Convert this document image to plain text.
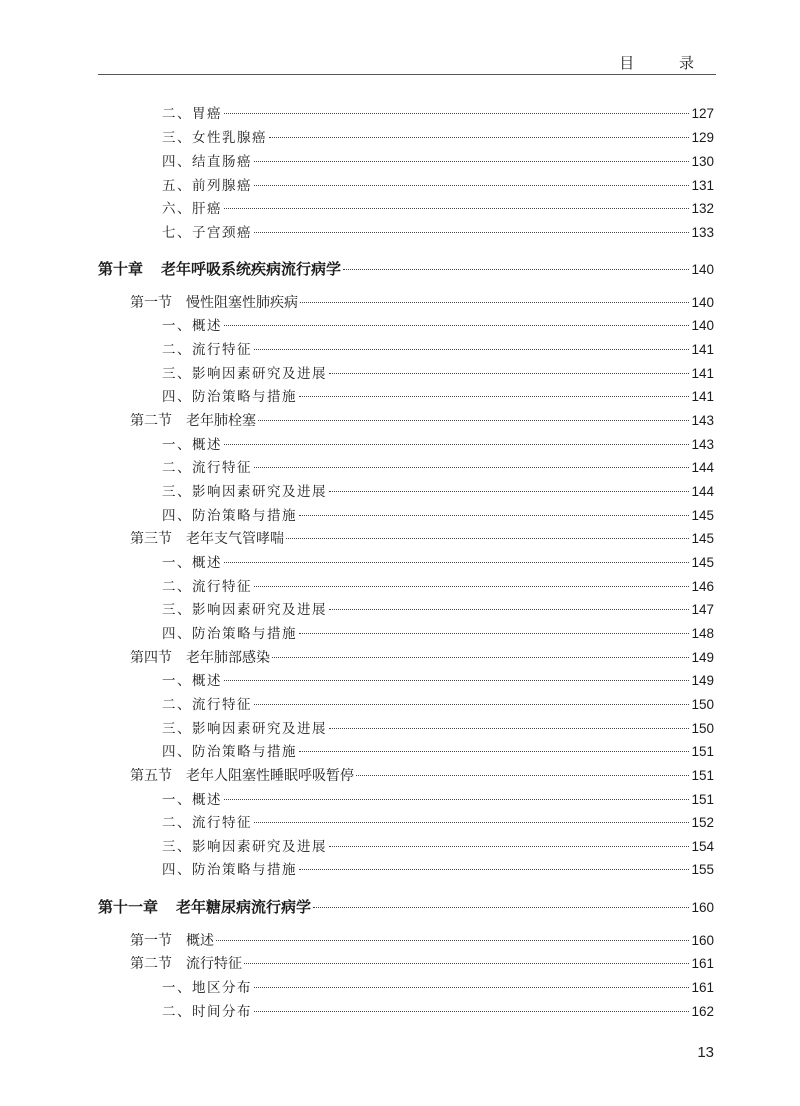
目 录
二、胃癌	127
三、女性乳腺癌	129
四、结直肠癌	130
五、前列腺癌	131
六、肝癌	132
七、子宫颈癌	133
第十章 老年呼吸系统疾病流行病学	140
第一节 慢性阻塞性肺疾病	140
一、概述	140
二、流行特征	141
三、影响因素研究及进展	141
四、防治策略与措施	141
第二节 老年肺栓塞	143
一、概述	143
二、流行特征	144
三、影响因素研究及进展	144
四、防治策略与措施	145
第三节 老年支气管哮喘	145
一、概述	145
二、流行特征	146
三、影响因素研究及进展	147
四、防治策略与措施	148
第四节 老年肺部感染	149
一、概述	149
二、流行特征	150
三、影响因素研究及进展	150
四、防治策略与措施	151
第五节 老年人阻塞性睡眠呼吸暂停	151
一、概述	151
二、流行特征	152
三、影响因素研究及进展	154
四、防治策略与措施	155
第十一章 老年糖尿病流行病学	160
第一节 概述	160
第二节 流行特征	161
一、地区分布	161
二、时间分布	162
13
